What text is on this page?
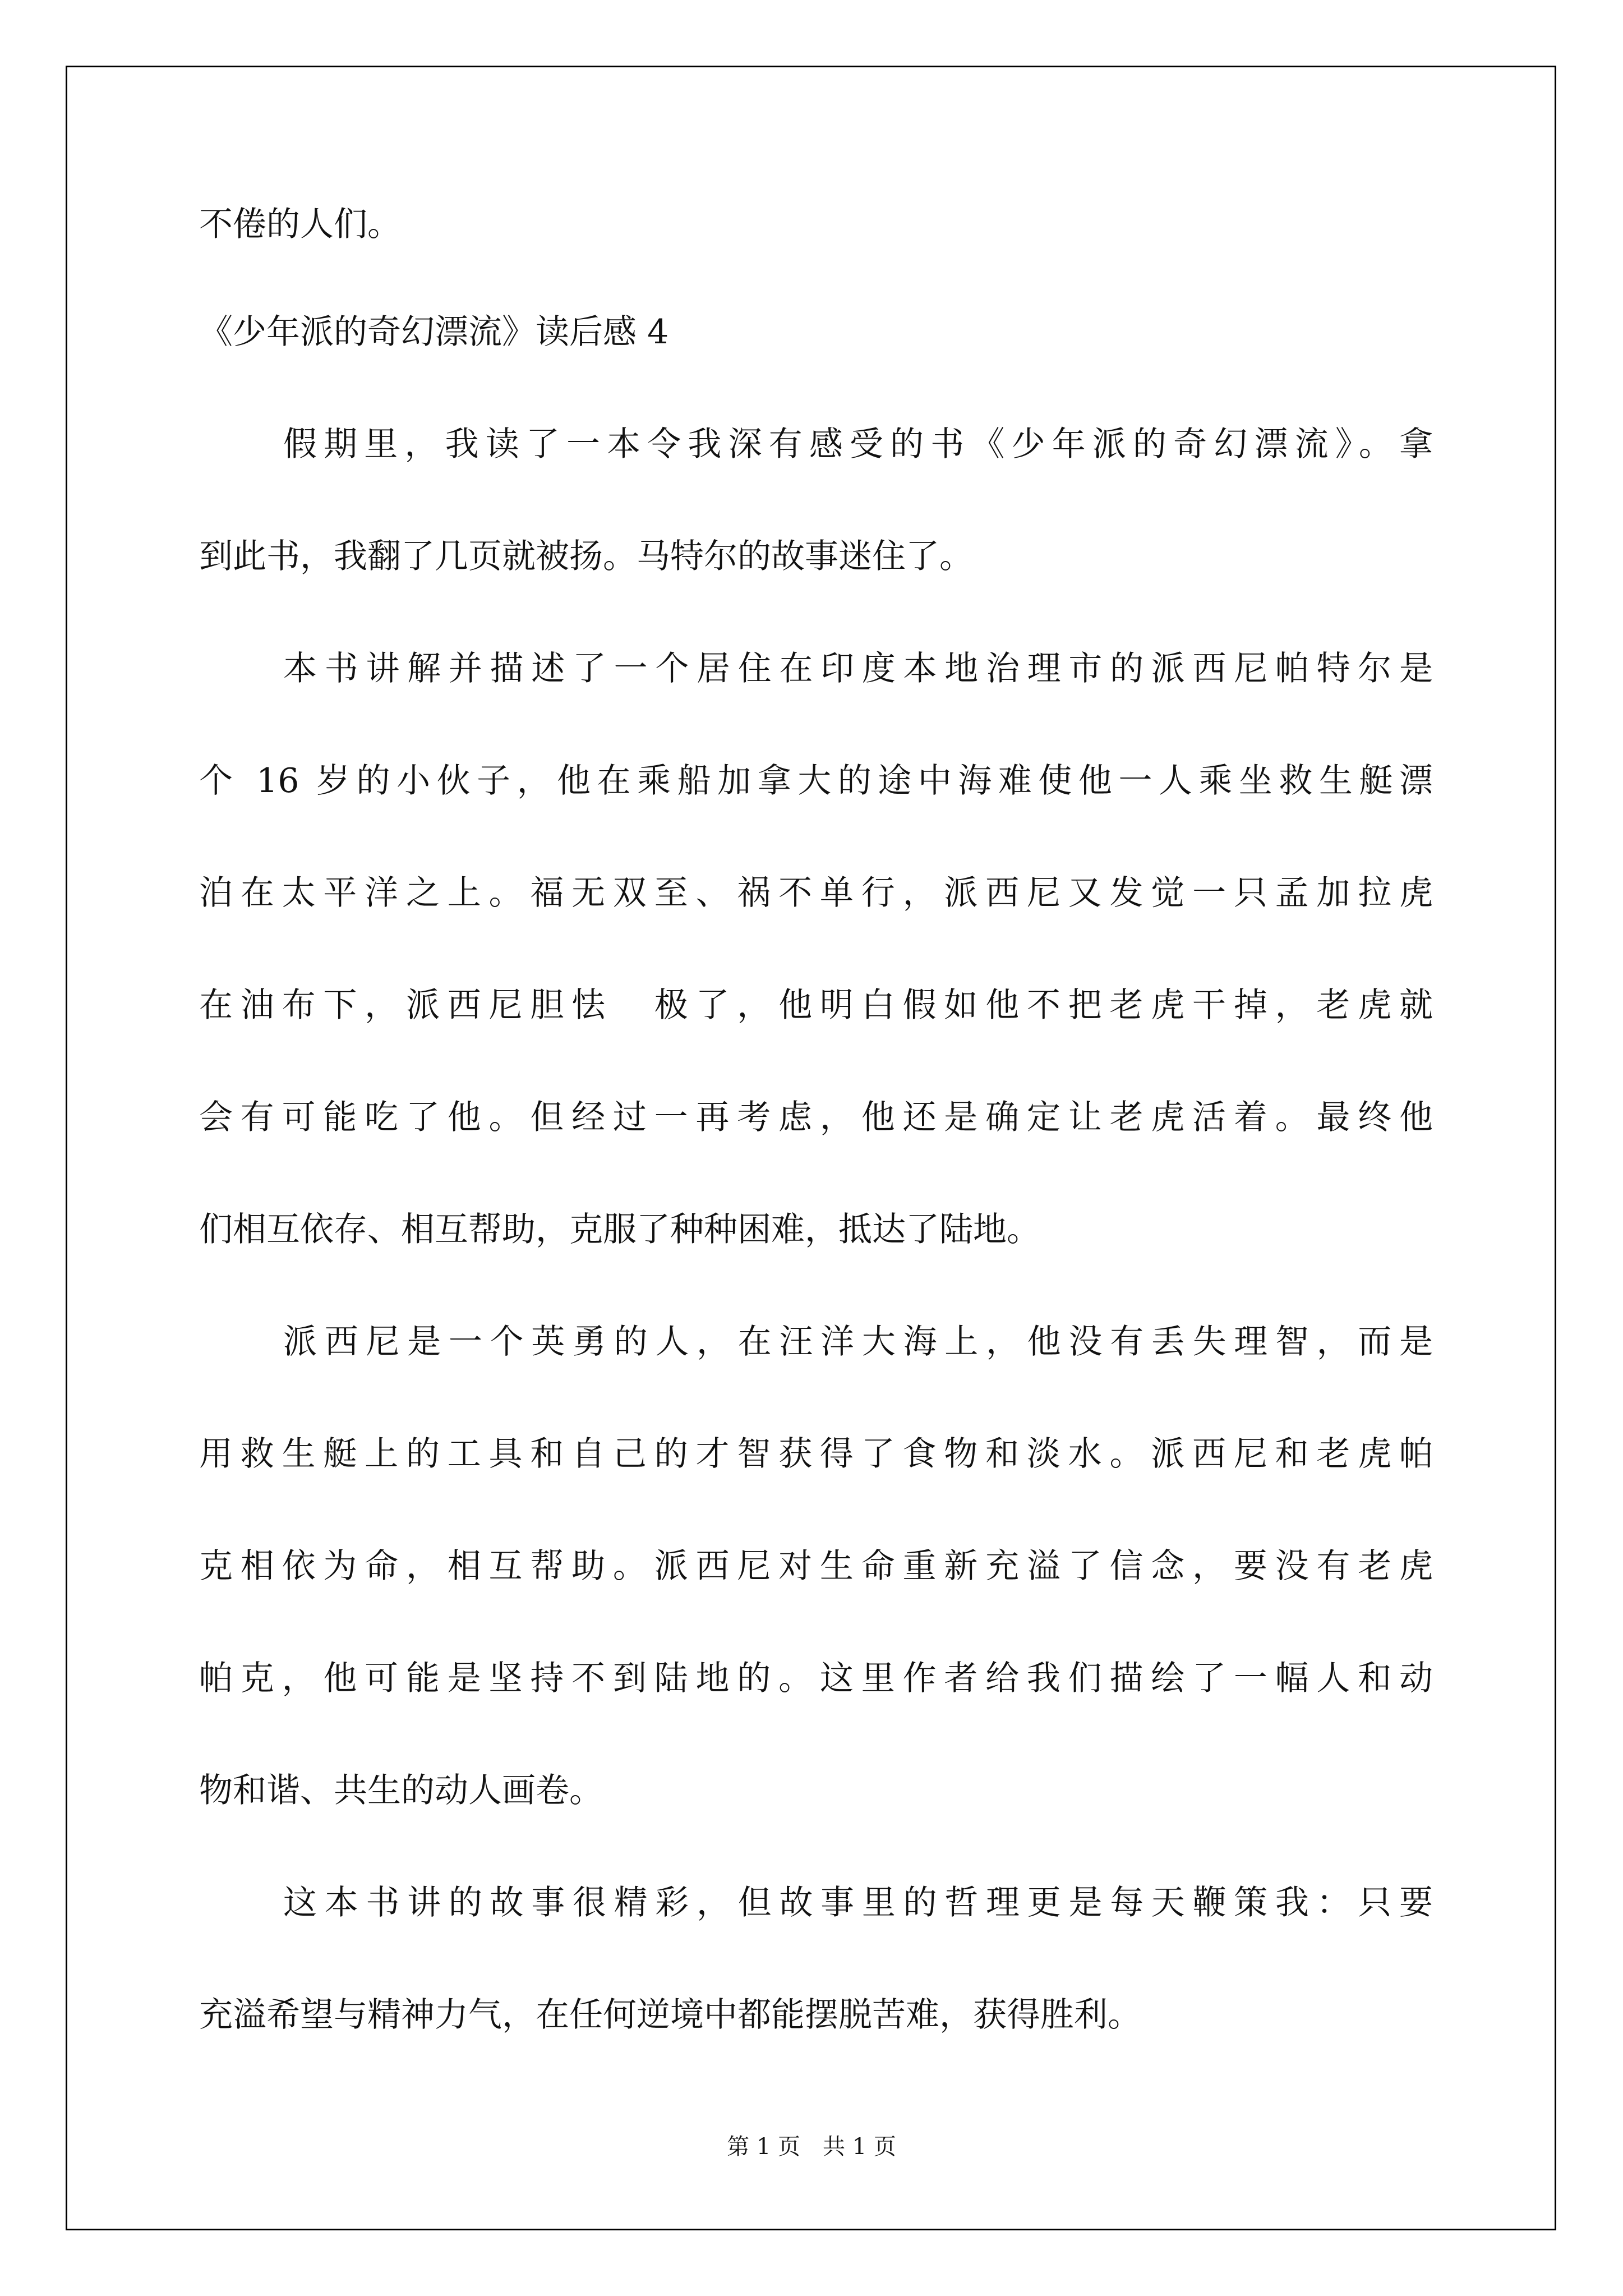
不倦的人们。
《少年派的奇幻漂流》读后感 4
假期里，我读了一本令我深有感受的书《少年派的奇幻漂流》。拿
到此书，我翻了几页就被扬。马特尔的故事迷住了。
本书讲解并描述了一个居住在印度本地治理市的派西尼帕特尔是
个 16 岁的小伙子，他在乘船加拿大的途中海难使他一人乘坐救生艇漂
泊在太平洋之上。福无双至、祸不单行，派西尼又发觉一只孟加拉虎
在油布下，派西尼胆怯　极了，他明白假如他不把老虎干掉，老虎就
会有可能吃了他。但经过一再考虑，他还是确定让老虎活着。最终他
们相互依存、相互帮助，克服了种种困难，抵达了陆地。
派西尼是一个英勇的人，在汪洋大海上，他没有丢失理智，而是
用救生艇上的工具和自己的才智获得了食物和淡水。派西尼和老虎帕
克相依为命，相互帮助。派西尼对生命重新充溢了信念，要没有老虎
帕克，他可能是坚持不到陆地的。这里作者给我们描绘了一幅人和动
物和谐、共生的动人画卷。
这本书讲的故事很精彩，但故事里的哲理更是每天鞭策我：只要
充溢希望与精神力气，在任何逆境中都能摆脱苦难，获得胜利。
第 1 页　共 1 页
